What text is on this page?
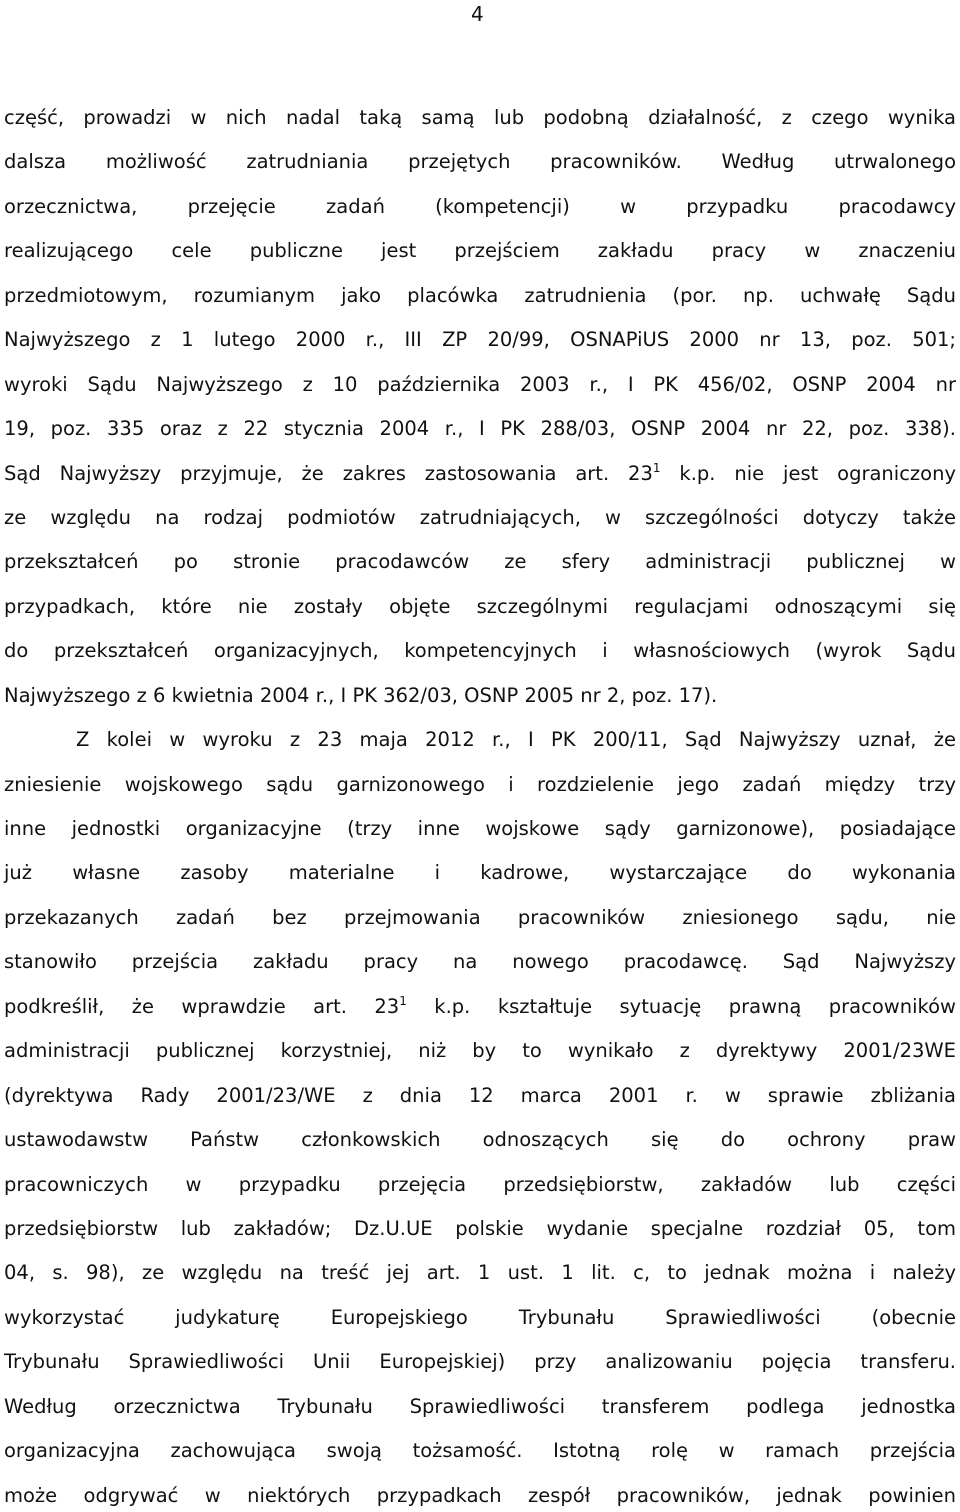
4
część, prowadzi w nich nadal taką samą lub podobną działalność, z czego wynika
dalsza możliwość zatrudniania przejętych pracowników. Według utrwalonego
orzecznictwa, przejęcie zadań (kompetencji) w przypadku pracodawcy
realizującego cele publiczne jest przejściem zakładu pracy w znaczeniu
przedmiotowym, rozumianym jako placówka zatrudnienia (por. np. uchwałę Sądu
Najwyższego z 1 lutego 2000 r., III ZP 20/99, OSNAPiUS 2000 nr 13, poz. 501;
wyroki Sądu Najwyższego z 10 października 2003 r., I PK 456/02, OSNP 2004 nr
19, poz. 335 oraz z 22 stycznia 2004 r., I PK 288/03, OSNP 2004 nr 22, poz. 338).
Sąd Najwyższy przyjmuje, że zakres zastosowania art. $23^1$ k.p. nie jest ograniczony
ze względu na rodzaj podmiotów zatrudniających, w szczególności dotyczy także
przekształceń po stronie pracodawców ze sfery administracji publicznej w
przypadkach, które nie zostały objęte szczególnymi regulacjami odnoszącymi się
do przekształceń organizacyjnych, kompetencyjnych i własnościowych (wyrok Sądu
Najwyższego z 6 kwietnia 2004 r., I PK 362/03, OSNP 2005 nr 2, poz. 17).
Z kolei w wyroku z 23 maja 2012 r., I PK 200/11, Sąd Najwyższy uznał, że
zniesienie wojskowego sądu garnizonowego i rozdzielenie jego zadań między trzy
inne jednostki organizacyjne (trzy inne wojskowe sądy garnizonowe), posiadające
już własne zasoby materialne i kadrowe, wystarczające do wykonania
przekazanych zadań bez przejmowania pracowników zniesionego sądu, nie
stanowiło przejścia zakładu pracy na nowego pracodawcę. Sąd Najwyższy
podkreślił, że wprawdzie art. $23^1$ k.p. kształtuje sytuację prawną pracowników
administracji publicznej korzystniej, niż by to wynikało z dyrektywy 2001/23WE
(dyrektywa Rady 2001/23/WE z dnia 12 marca 2001 r. w sprawie zbliżania
ustawodawstw Państw członkowskich odnoszących się do ochrony praw
pracowniczych w przypadku przejęcia przedsiębiorstw, zakładów lub części
przedsiębiorstw lub zakładów; Dz.U.UE polskie wydanie specjalne rozdział 05, tom
04, s. 98), ze względu na treść jej art. 1 ust. 1 lit. c, to jednak można i należy
wykorzystać judykaturę Europejskiego Trybunału Sprawiedliwości (obecnie
Trybunału Sprawiedliwości Unii Europejskiej) przy analizowaniu pojęcia transferu.
Według orzecznictwa Trybunału Sprawiedliwości transferem podlega jednostka
organizacyjna zachowująca swoją tożsamość. Istotną rolę w ramach przejścia
może odgrywać w niektórych przypadkach zespół pracowników, jednak powinien
